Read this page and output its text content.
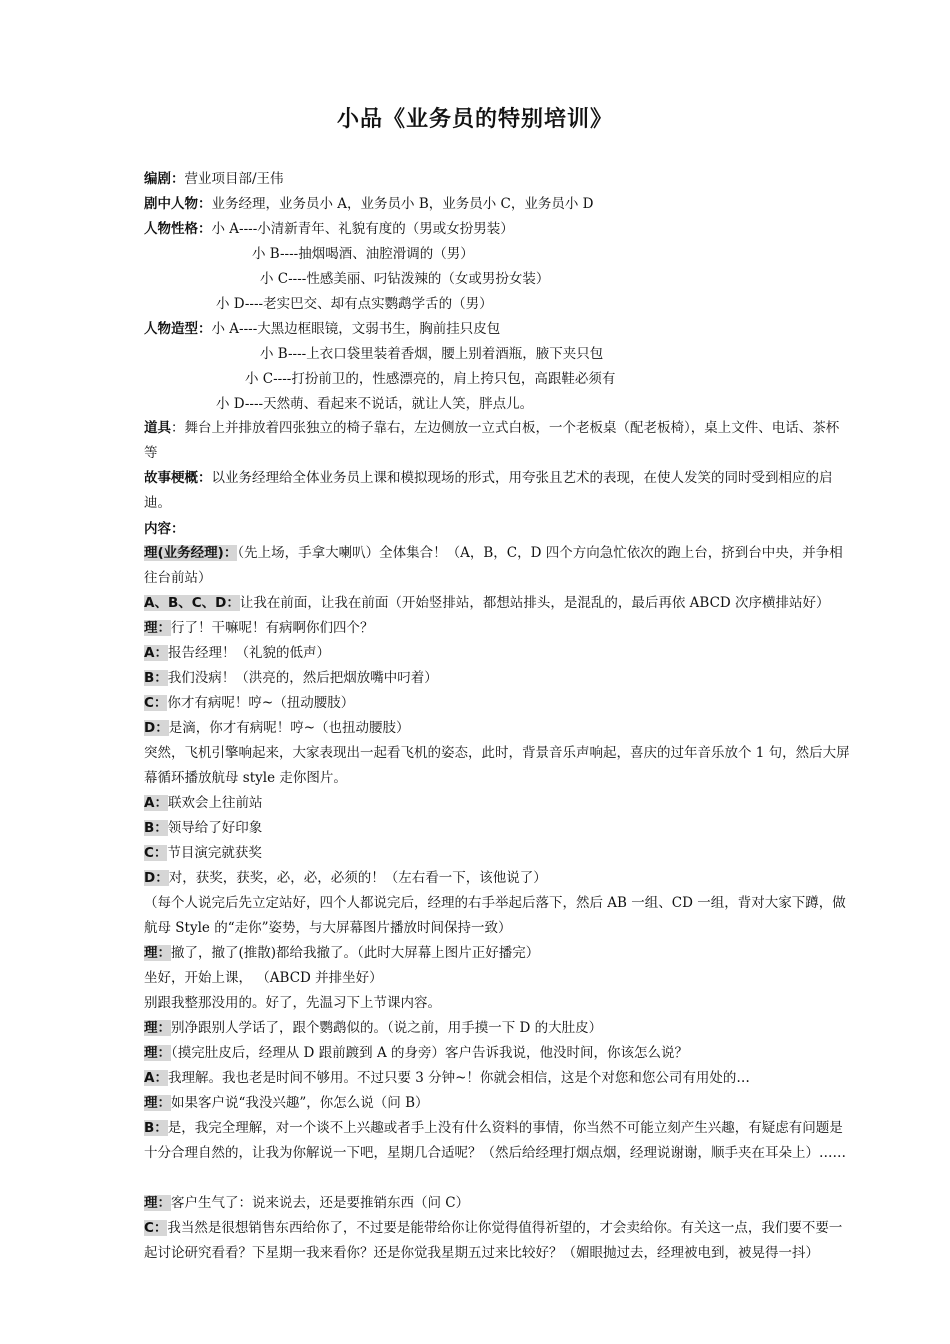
小品《业务员的特别培训》
编剧：营业项目部/王伟
剧中人物：业务经理，业务员小 A，业务员小 B，业务员小 C，业务员小 D
人物性格：小 A----小清新青年、礼貌有度的（男或女扮男装）
小 B----抽烟喝酒、油腔滑调的（男）
小 C----性感美丽、叼钻泼辣的（女或男扮女装）
小 D----老实巴交、却有点实鹦鹉学舌的（男）
人物造型：小 A----大黑边框眼镜，文弱书生，胸前挂只皮包
小 B----上衣口袋里装着香烟，腰上别着酒瓶，腋下夹只包
小 C----打扮前卫的，性感漂亮的，肩上挎只包，高跟鞋必须有
小 D----天然萌、看起来不说话，就让人笑，胖点儿。
道具：舞台上并排放着四张独立的椅子靠右，左边侧放一立式白板，一个老板桌（配老板椅），桌上文件、电话、茶杯等
故事梗概：以业务经理给全体业务员上课和模拟现场的形式，用夸张且艺术的表现，在使人发笑的同时受到相应的启迪。
内容：
理(业务经理)：（先上场，手拿大喇叭）全体集合！（A，B，C，D 四个方向急忙依次的跑上台，挤到台中央，并争相往台前站）
A、B、C、D：让我在前面，让我在前面（开始竖排站，都想站排头，是混乱的，最后再依 ABCD 次序横排站好）
理：行了！干嘛呢！有病啊你们四个？
A：报告经理！（礼貌的低声）
B：我们没病！（洪亮的，然后把烟放嘴中叼着）
C：你才有病呢！哼~（扭动腰肢）
D：是滴，你才有病呢！哼~（也扭动腰肢）
突然，飞机引擎响起来，大家表现出一起看飞机的姿态，此时，背景音乐声响起，喜庆的过年音乐放个 1 句，然后大屏幕循环播放航母 style 走你图片。
A：联欢会上往前站
B：领导给了好印象
C：节目演完就获奖
D：对，获奖，获奖，必，必，必须的！（左右看一下，该他说了）
（每个人说完后先立定站好，四个人都说完后，经理的右手举起后落下，然后 AB 一组、CD 一组，背对大家下蹲，做航母 Style 的“走你”姿势，与大屏幕图片播放时间保持一致）
理：撤了，撤了(推散)都给我撤了。（此时大屏幕上图片正好播完）
坐好，开始上课， （ABCD 并排坐好）
别跟我整那没用的。好了，先温习下上节课内容。
理：别净跟别人学话了，跟个鹦鹉似的。（说之前，用手摸一下 D 的大肚皮）
理：（摸完肚皮后，经理从 D 跟前踱到 A 的身旁）客户告诉我说，他没时间，你该怎么说？
A：我理解。我也老是时间不够用。不过只要 3 分钟~！你就会相信，这是个对您和您公司有用处的…
理：如果客户说“我没兴趣”，你怎么说（问 B）
B：是，我完全理解，对一个谈不上兴趣或者手上没有什么资料的事情，你当然不可能立刻产生兴趣，有疑虑有问题是十分合理自然的，让我为你解说一下吧，星期几合适呢？（然后给经理打烟点烟，经理说谢谢，顺手夹在耳朵上）……
理：客户生气了：说来说去，还是要推销东西（问 C）
C：我当然是很想销售东西给你了，不过要是能带给你让你觉得值得祈望的，才会卖给你。有关这一点，我们要不要一起讨论研究看看？下星期一我来看你？还是你觉我星期五过来比较好？（媚眼抛过去，经理被电到，被晃得一抖）
